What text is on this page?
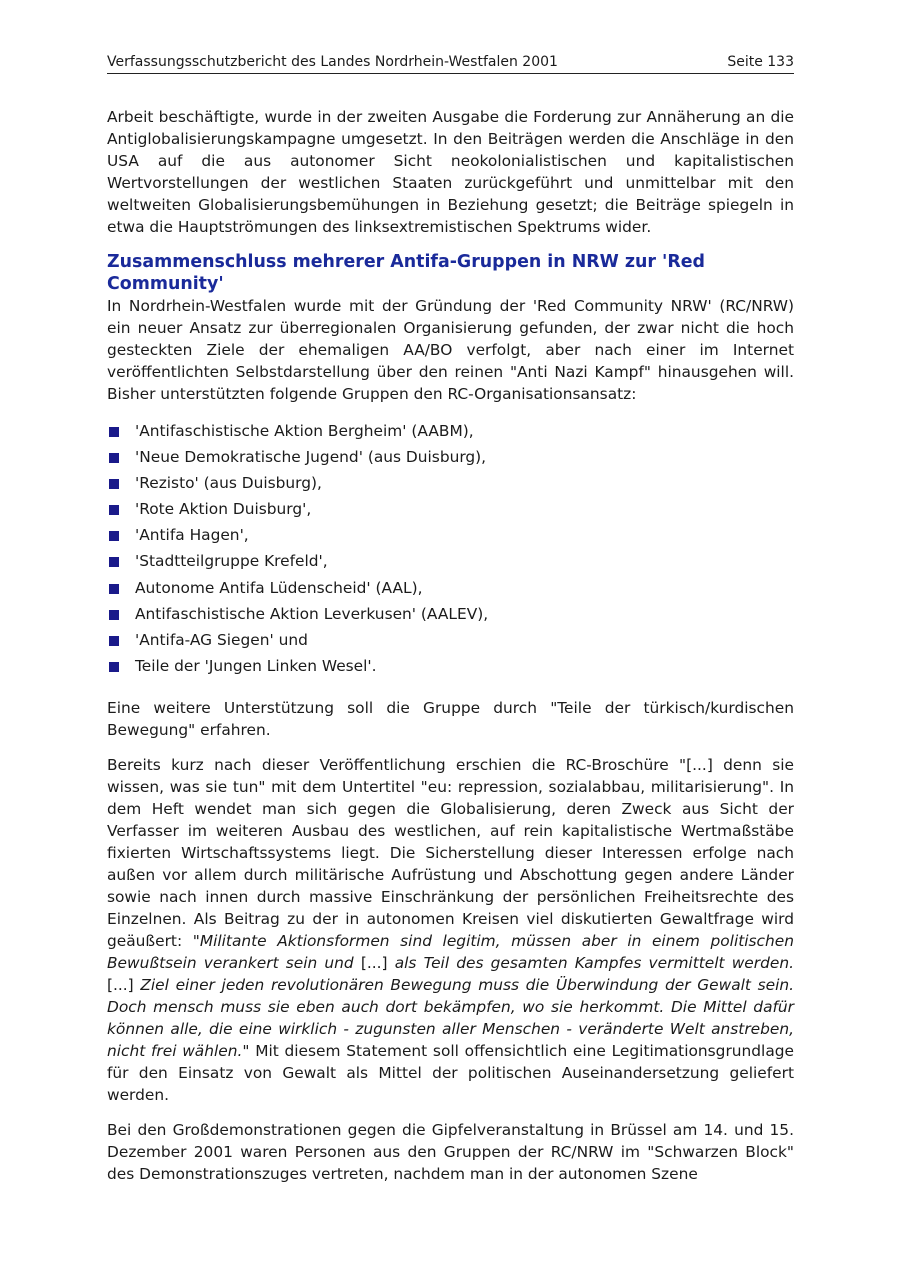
Verfassungsschutzbericht des Landes Nordrhein-Westfalen 2001	Seite 133

Arbeit beschäftigte, wurde in der zweiten Ausgabe die Forderung zur Annäherung an die Antiglobalisierungskampagne umgesetzt. In den Beiträgen werden die Anschläge in den USA auf die aus autonomer Sicht neokolonialistischen und kapitalistischen Wertvorstellungen der westlichen Staaten zurückgeführt und unmittelbar mit den weltweiten Globalisierungsbemühungen in Beziehung gesetzt; die Beiträge spiegeln in etwa die Hauptströmungen des linksextremistischen Spektrums wider.

Zusammenschluss mehrerer Antifa-Gruppen in NRW zur 'Red Community'

In Nordrhein-Westfalen wurde mit der Gründung der 'Red Community NRW' (RC/NRW) ein neuer Ansatz zur überregionalen Organisierung gefunden, der zwar nicht die hoch gesteckten Ziele der ehemaligen AA/BO verfolgt, aber nach einer im Internet veröffentlichten Selbstdarstellung über den reinen "Anti Nazi Kampf" hinausgehen will. Bisher unterstützten folgende Gruppen den RC-Organisationsansatz:

'Antifaschistische Aktion Bergheim' (AABM),
'Neue Demokratische Jugend' (aus Duisburg),
'Rezisto' (aus Duisburg),
'Rote Aktion Duisburg',
'Antifa Hagen',
'Stadtteilgruppe Krefeld',
Autonome Antifa Lüdenscheid' (AAL),
Antifaschistische Aktion Leverkusen' (AALEV),
'Antifa-AG Siegen' und
Teile der 'Jungen Linken Wesel'.

Eine weitere Unterstützung soll die Gruppe durch "Teile der türkisch/kurdischen Bewegung" erfahren.

Bereits kurz nach dieser Veröffentlichung erschien die RC-Broschüre "[...] denn sie wissen, was sie tun" mit dem Untertitel "eu: repression, sozialabbau, militarisierung". In dem Heft wendet man sich gegen die Globalisierung, deren Zweck aus Sicht der Verfasser im weiteren Ausbau des westlichen, auf rein kapitalistische Wertmaßstäbe fixierten Wirtschaftssystems liegt. Die Sicherstellung dieser Interessen erfolge nach außen vor allem durch militärische Aufrüstung und Abschottung gegen andere Länder sowie nach innen durch massive Einschränkung der persönlichen Freiheitsrechte des Einzelnen. Als Beitrag zu der in autonomen Kreisen viel diskutierten Gewaltfrage wird geäußert: "Militante Aktionsformen sind legitim, müssen aber in einem politischen Bewußtsein verankert sein und [...] als Teil des gesamten Kampfes vermittelt werden. [...] Ziel einer jeden revolutionären Bewegung muss die Überwindung der Gewalt sein. Doch mensch muss sie eben auch dort bekämpfen, wo sie herkommt. Die Mittel dafür können alle, die eine wirklich - zugunsten aller Menschen - veränderte Welt anstreben, nicht frei wählen." Mit diesem Statement soll offensichtlich eine Legitimationsgrundlage für den Einsatz von Gewalt als Mittel der politischen Auseinandersetzung geliefert werden.

Bei den Großdemonstrationen gegen die Gipfelveranstaltung in Brüssel am 14. und 15. Dezember 2001 waren Personen aus den Gruppen der RC/NRW im "Schwarzen Block" des Demonstrationszuges vertreten, nachdem man in der autonomen Szene
